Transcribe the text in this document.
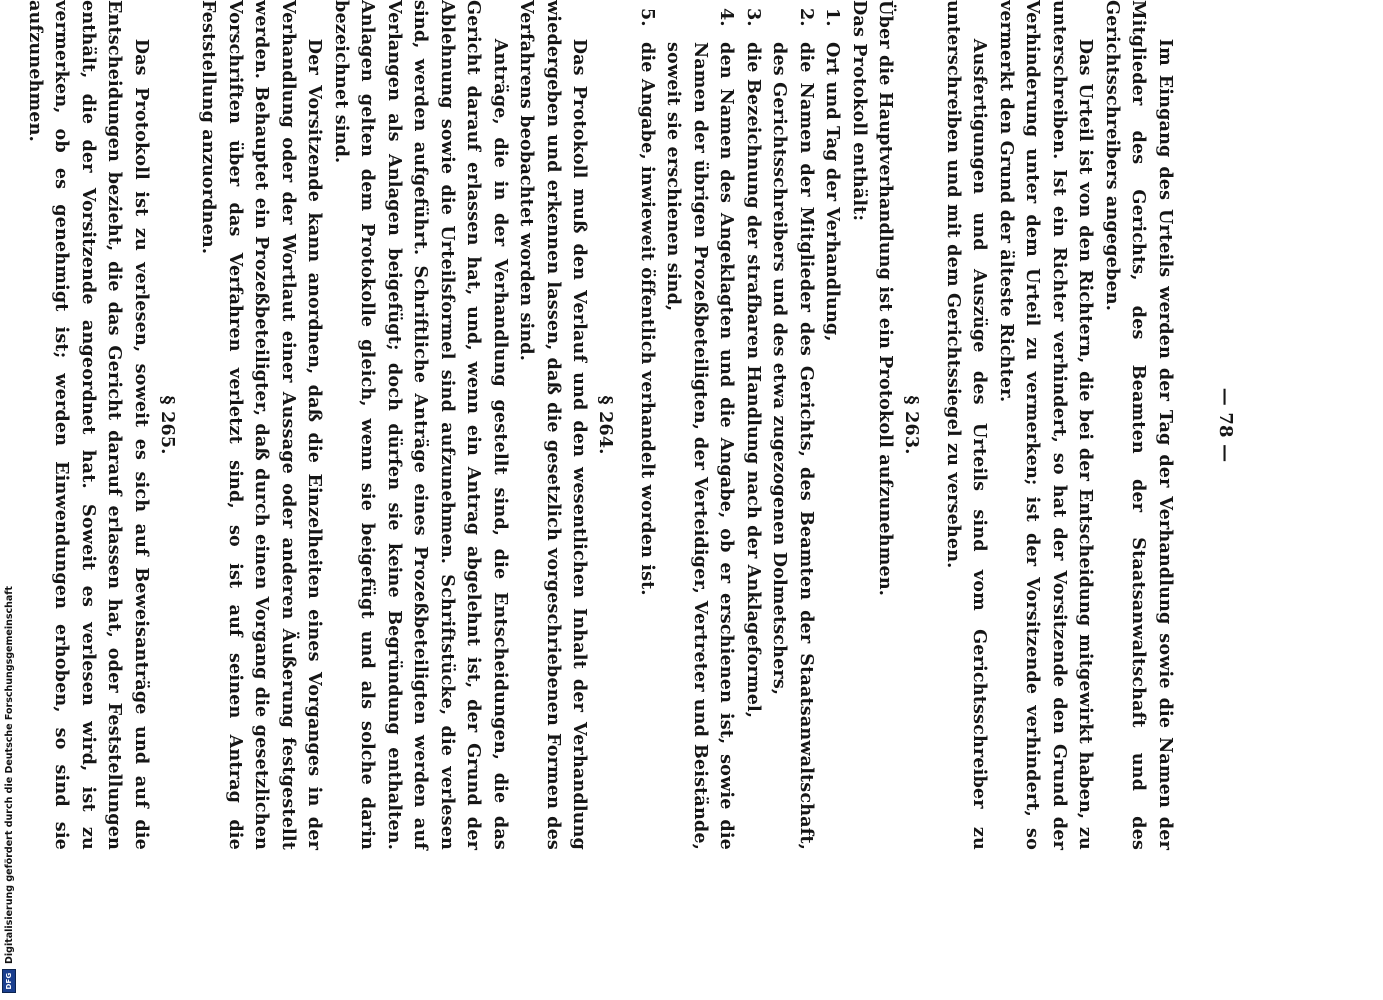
— 78 —

Im Eingang des Urteils werden der Tag der Verhandlung sowie die Namen der Mitglieder des Gerichts, des Beamten der Staatsanwaltschaft und des Gerichtsschreibers angegeben.

Das Urteil ist von den Richtern, die bei der Entscheidung mitgewirkt haben, zu unterschreiben. Ist ein Richter verhindert, so hat der Vorsitzende den Grund der Verhinderung unter dem Urteil zu vermerken; ist der Vorsitzende verhindert, so vermerkt den Grund der älteste Richter.

Ausfertigungen und Auszüge des Urteils sind vom Gerichtsschreiber zu unterschreiben und mit dem Gerichtssiegel zu versehen.

§ 263.

Über die Hauptverhandlung ist ein Protokoll aufzunehmen.

Das Protokoll enthält:

1.
Ort und Tag der Verhandlung,
2.
die Namen der Mitglieder des Gerichts, des Beamten der Staatsanwaltschaft, des Gerichtsschreibers und des etwa zugezogenen Dolmetschers,
3.
die Bezeichnung der strafbaren Handlung nach der Anklageformel,
4.
den Namen des Angeklagten und die Angabe, ob er erschienen ist, sowie die Namen der übrigen Prozeßbeteiligten, der Verteidiger, Vertreter und Beistände, soweit sie erschienen sind,
5.
die Angabe, inwieweit öffentlich verhandelt worden ist.
§ 264.

Das Protokoll muß den Verlauf und den wesentlichen Inhalt der Verhandlung wiedergeben und erkennen lassen, daß die gesetzlich vorgeschriebenen Formen des Verfahrens beobachtet worden sind.

Anträge, die in der Verhandlung gestellt sind, die Entscheidungen, die das Gericht darauf erlassen hat, und, wenn ein Antrag abgelehnt ist, der Grund der Ablehnung sowie die Urteilsformel sind aufzunehmen. Schriftstücke, die verlesen sind, werden aufgeführt. Schriftliche Anträge eines Prozeßbeteiligten werden auf Verlangen als Anlagen beigefügt; doch dürfen sie keine Begründung enthalten. Anlagen gelten dem Protokolle gleich, wenn sie beigefügt und als solche darin bezeichnet sind.

Der Vorsitzende kann anordnen, daß die Einzelheiten eines Vorganges in der Verhandlung oder der Wortlaut einer Aussage oder anderen Äußerung festgestellt werden. Behauptet ein Prozeßbeteiligter, daß durch einen Vorgang die gesetzlichen Vorschriften über das Verfahren verletzt sind, so ist auf seinen Antrag die Feststellung anzuordnen.

§ 265.

Das Protokoll ist zu verlesen, soweit es sich auf Beweisanträge und auf die Entscheidungen bezieht, die das Gericht darauf erlassen hat, oder Feststellungen enthält, die der Vorsitzende angeordnet hat. Soweit es verlesen wird, ist zu vermerken, ob es genehmigt ist; werden Einwendungen erhoben, so sind sie aufzunehmen.

DFG
Digitalisierung gefördert durch die Deutsche Forschungsgemeinschaft
